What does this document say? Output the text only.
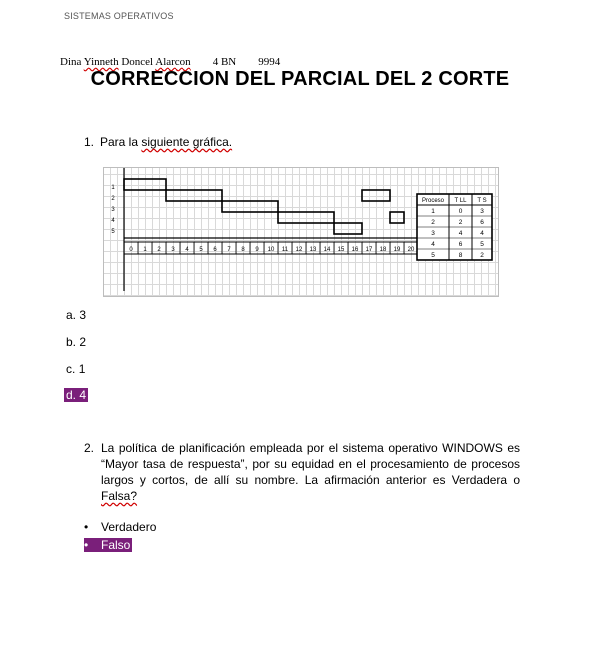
SISTEMAS OPERATIVOS
Dina Yinneth Doncel Alarcon 4 BN 9994
CORRECCION DEL PARCIAL DEL 2 CORTE
1. Para la siguiente gráfica.
1
2
3
4
5
0 1 2 3 4 5 6 7 8 9 10 11 12 13 14 15 16 17 18 19 20
Proceso
1
2
3
4
5
T LL
0
2
4
6
8
T S
3
6
4
5
2
a. 3
b. 2
c. 1
d. 4
2. La política de planificación empleada por el sistema operativo WINDOWS es “Mayor tasa de respuesta”, por su equidad en el procesamiento de procesos largos y cortos, de allí su nombre. La afirmación anterior es Verdadera o Falsa?
• Verdadero
• Falso
